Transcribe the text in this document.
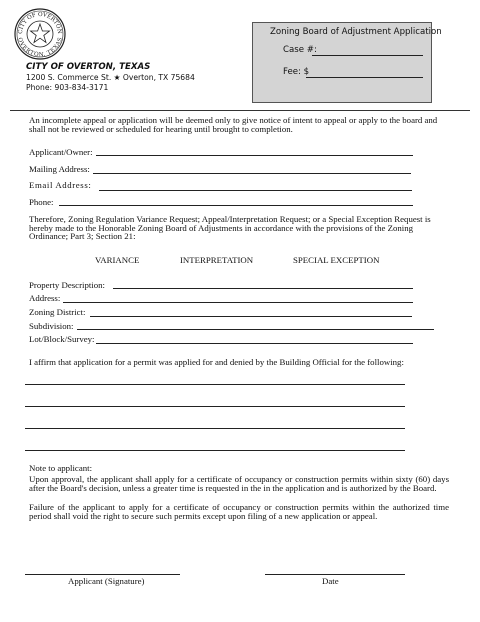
CITY OF OVERTON
OVERTON, TEXAS
CITY OF OVERTON, TEXAS
1200 S. Commerce St. ★ Overton, TX 75684
Phone: 903-834-3171
Zoning Board of Adjustment Application
Case #:
Fee: $
An incomplete appeal or application will be deemed only to give notice of intent to appeal or apply to the board and shall not be reviewed or scheduled for hearing until brought to completion.
Applicant/Owner:
Mailing Address:
Email Address:
Phone:
Therefore, Zoning Regulation Variance Request; Appeal/Interpretation Request; or a Special Exception Request is hereby made to the Honorable Zoning Board of Adjustments in accordance with the provisions of the Zoning Ordinance; Part 3; Section 21:
VARIANCE	INTERPRETATION	SPECIAL EXCEPTION
Property Description:
Address:
Zoning District:
Subdivision:
Lot/Block/Survey:
I affirm that application for a permit was applied for and denied by the Building Official for the following:
Note to applicant:
Upon approval, the applicant shall apply for a certificate of occupancy or construction permits within sixty (60) days after the Board's decision, unless a greater time is requested in the in the application and is authorized by the Board.
Failure of the applicant to apply for a certificate of occupancy or construction permits within the authorized time period shall void the right to secure such permits except upon filing of a new application or appeal.
Applicant (Signature)	Date
